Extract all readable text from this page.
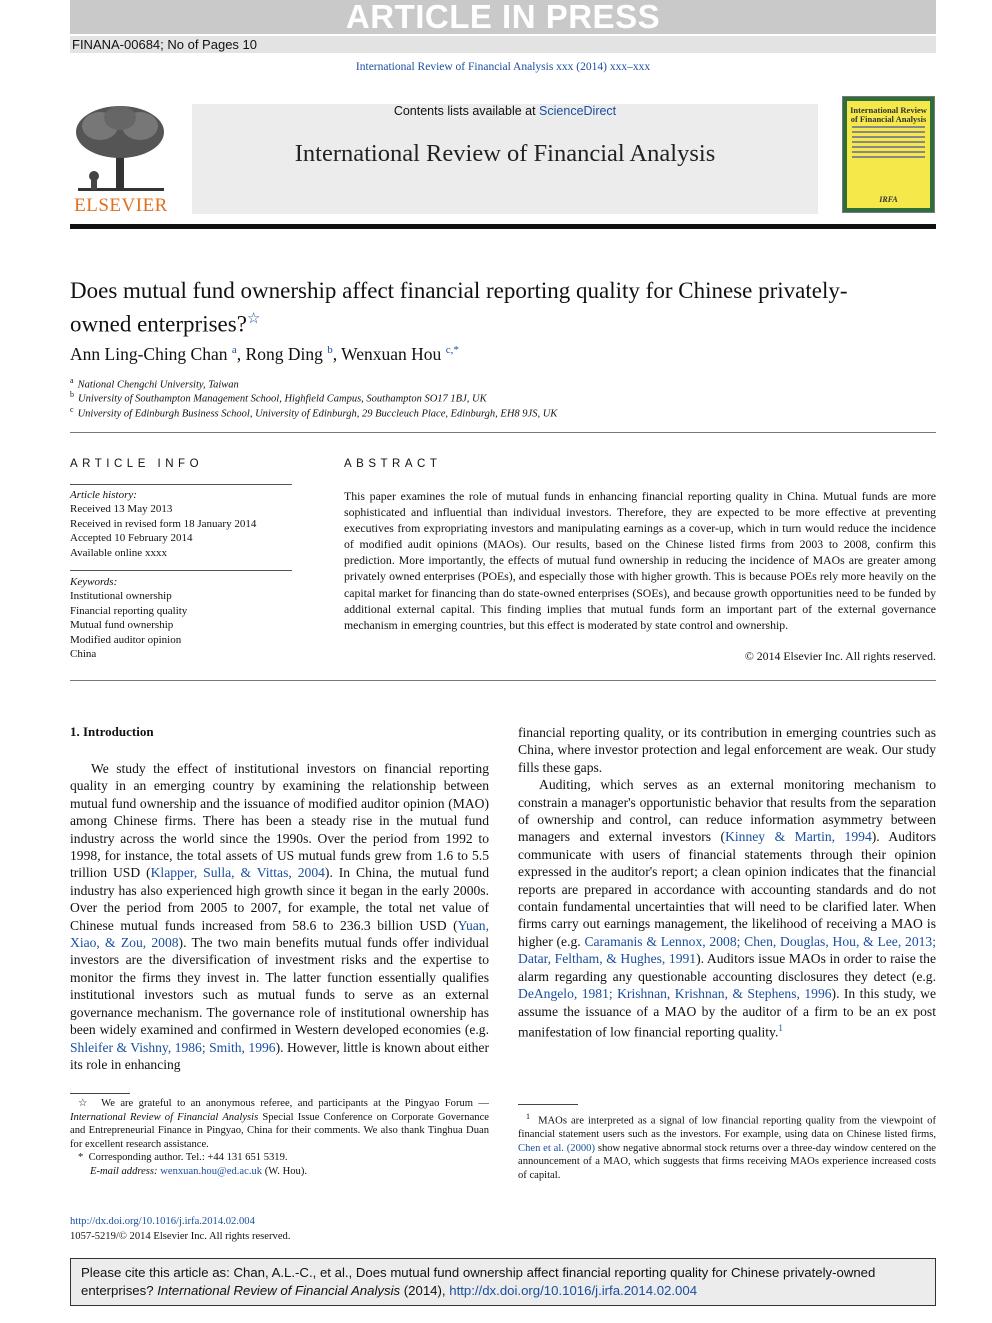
ARTICLE IN PRESS
FINANA-00684; No of Pages 10
International Review of Financial Analysis xxx (2014) xxx–xxx
ELSEVIER
Contents lists available at ScienceDirect
International Review of Financial Analysis
International Review of Financial Analysis
IRFA
Does mutual fund ownership affect financial reporting quality for Chinese privately-owned enterprises?☆
Ann Ling-Ching Chan $^a$, Rong Ding $^b$, Wenxuan Hou $^{c,*}$
$^a$ National Chengchi University, Taiwan
$^b$ University of Southampton Management School, Highfield Campus, Southampton SO17 1BJ, UK
$^c$ University of Edinburgh Business School, University of Edinburgh, 29 Buccleuch Place, Edinburgh, EH8 9JS, UK
ARTICLE INFO
Article history:
Received 13 May 2013
Received in revised form 18 January 2014
Accepted 10 February 2014
Available online xxxx
Keywords:
Institutional ownership
Financial reporting quality
Mutual fund ownership
Modified auditor opinion
China
ABSTRACT
This paper examines the role of mutual funds in enhancing financial reporting quality in China. Mutual funds are more sophisticated and influential than individual investors. Therefore, they are expected to be more effective at preventing executives from expropriating investors and manipulating earnings as a cover-up, which in turn would reduce the incidence of modified audit opinions (MAOs). Our results, based on the Chinese listed firms from 2003 to 2008, confirm this prediction. More importantly, the effects of mutual fund ownership in reducing the incidence of MAOs are greater among privately owned enterprises (POEs), and especially those with higher growth. This is because POEs rely more heavily on the capital market for financing than do state-owned enterprises (SOEs), and because growth opportunities need to be funded by additional external capital. This finding implies that mutual funds form an important part of the external governance mechanism in emerging countries, but this effect is moderated by state control and ownership.
© 2014 Elsevier Inc. All rights reserved.
1. Introduction
We study the effect of institutional investors on financial reporting quality in an emerging country by examining the relationship between mutual fund ownership and the issuance of modified auditor opinion (MAO) among Chinese firms. There has been a steady rise in the mutual fund industry across the world since the 1990s. Over the period from 1992 to 1998, for instance, the total assets of US mutual funds grew from 1.6 to 5.5 trillion USD (Klapper, Sulla, & Vittas, 2004). In China, the mutual fund industry has also experienced high growth since it began in the early 2000s. Over the period from 2005 to 2007, for example, the total net value of Chinese mutual funds increased from 58.6 to 236.3 billion USD (Yuan, Xiao, & Zou, 2008). The two main benefits mutual funds offer individual investors are the diversification of investment risks and the expertise to monitor the firms they invest in. The latter function essentially qualifies institutional investors such as mutual funds to serve as an external governance mechanism. The governance role of institutional ownership has been widely examined and confirmed in Western developed economies (e.g. Shleifer & Vishny, 1986; Smith, 1996). However, little is known about either its role in enhancing

financial reporting quality, or its contribution in emerging countries such as China, where investor protection and legal enforcement are weak. Our study fills these gaps.

Auditing, which serves as an external monitoring mechanism to constrain a manager's opportunistic behavior that results from the separation of ownership and control, can reduce information asymmetry between managers and external investors (Kinney & Martin, 1994). Auditors communicate with users of financial statements through their opinion expressed in the auditor's report; a clean opinion indicates that the financial reports are prepared in accordance with accounting standards and do not contain fundamental uncertainties that will need to be clarified later. When firms carry out earnings management, the likelihood of receiving a MAO is higher (e.g. Caramanis & Lennox, 2008; Chen, Douglas, Hou, & Lee, 2013; Datar, Feltham, & Hughes, 1991). Auditors issue MAOs in order to raise the alarm regarding any questionable accounting disclosures they detect (e.g. DeAngelo, 1981; Krishnan, Krishnan, & Stephens, 1996). In this study, we assume the issuance of a MAO by the auditor of a firm to be an ex post manifestation of low financial reporting quality.$^1$

☆ We are grateful to an anonymous referee, and participants at the Pingyao Forum — International Review of Financial Analysis Special Issue Conference on Corporate Governance and Entrepreneurial Finance in Pingyao, China for their comments. We also thank Tinghua Duan for excellent research assistance.
* Corresponding author. Tel.: +44 131 651 5319.
E-mail address: wenxuan.hou@ed.ac.uk (W. Hou).
$^1$ MAOs are interpreted as a signal of low financial reporting quality from the viewpoint of financial statement users such as the investors. For example, using data on Chinese listed firms, Chen et al. (2000) show negative abnormal stock returns over a three-day window centered on the announcement of a MAO, which suggests that firms receiving MAOs experience increased costs of capital.
http://dx.doi.org/10.1016/j.irfa.2014.02.004
1057-5219/© 2014 Elsevier Inc. All rights reserved.
Please cite this article as: Chan, A.L.-C., et al., Does mutual fund ownership affect financial reporting quality for Chinese privately-owned enterprises? International Review of Financial Analysis (2014), http://dx.doi.org/10.1016/j.irfa.2014.02.004
